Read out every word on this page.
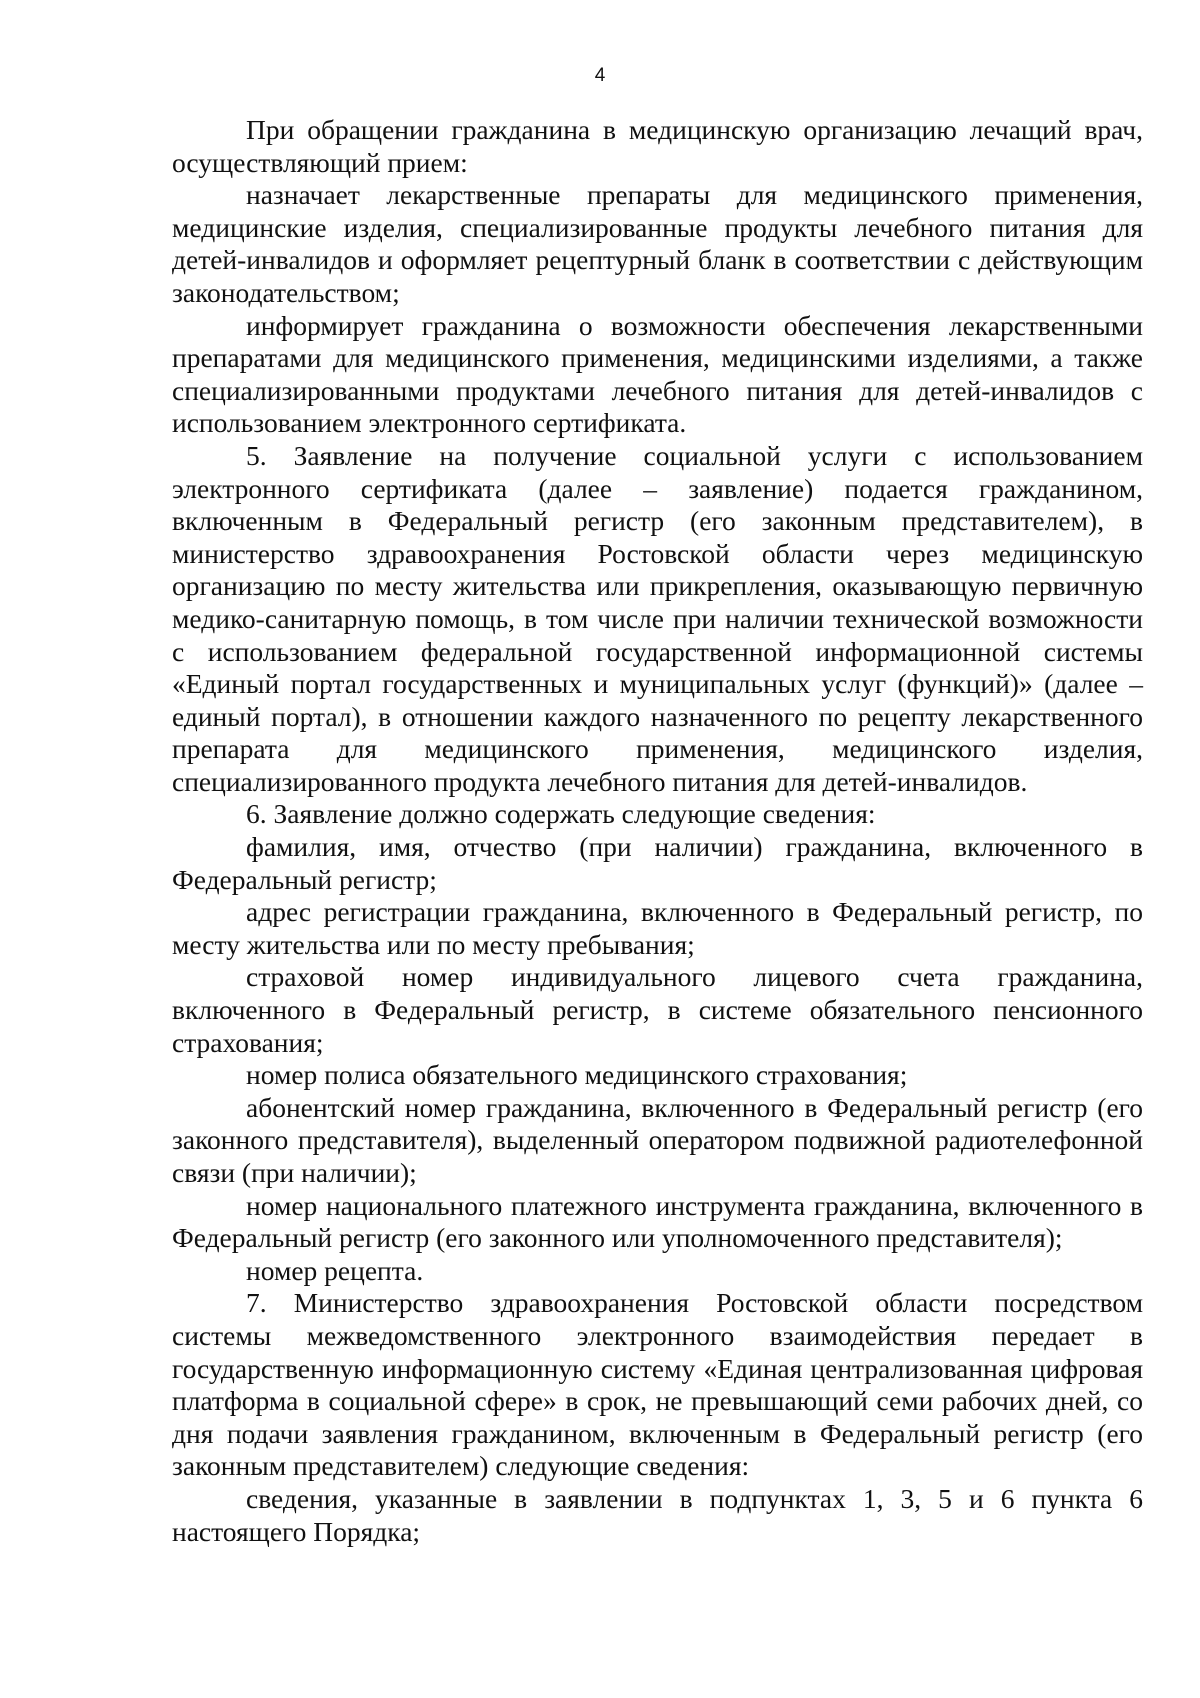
4

При обращении гражданина в медицинскую организацию лечащий врач, осуществляющий прием:

назначает лекарственные препараты для медицинского применения, медицинские изделия, специализированные продукты лечебного питания для детей-инвалидов и оформляет рецептурный бланк в соответствии с действующим законодательством;

информирует гражданина о возможности обеспечения лекарственными препаратами для медицинского применения, медицинскими изделиями, а также специализированными продуктами лечебного питания для детей-инвалидов с использованием электронного сертификата.

5. Заявление на получение социальной услуги с использованием электронного сертификата (далее – заявление) подается гражданином, включенным в Федеральный регистр (его законным представителем), в министерство здравоохранения Ростовской области через медицинскую организацию по месту жительства или прикрепления, оказывающую первичную медико-санитарную помощь, в том числе при наличии технической возможности с использованием федеральной государственной информационной системы «Единый портал государственных и муниципальных услуг (функций)» (далее – единый портал), в отношении каждого назначенного по рецепту лекарственного препарата для медицинского применения, медицинского изделия, специализированного продукта лечебного питания для детей-инвалидов.

6. Заявление должно содержать следующие сведения:

фамилия, имя, отчество (при наличии) гражданина, включенного в Федеральный регистр;

адрес регистрации гражданина, включенного в Федеральный регистр, по месту жительства или по месту пребывания;

страховой номер индивидуального лицевого счета гражданина, включенного в Федеральный регистр, в системе обязательного пенсионного страхования;

номер полиса обязательного медицинского страхования;

абонентский номер гражданина, включенного в Федеральный регистр (его законного представителя), выделенный оператором подвижной радиотелефонной связи (при наличии);

номер национального платежного инструмента гражданина, включенного в Федеральный регистр (его законного или уполномоченного представителя);

номер рецепта.

7. Министерство здравоохранения Ростовской области посредством системы межведомственного электронного взаимодействия передает в государственную информационную систему «Единая централизованная цифровая платформа в социальной сфере» в срок, не превышающий семи рабочих дней, со дня подачи заявления гражданином, включенным в Федеральный регистр (его законным представителем) следующие сведения:

сведения, указанные в заявлении в подпунктах 1, 3, 5 и 6 пункта 6 настоящего Порядка;
